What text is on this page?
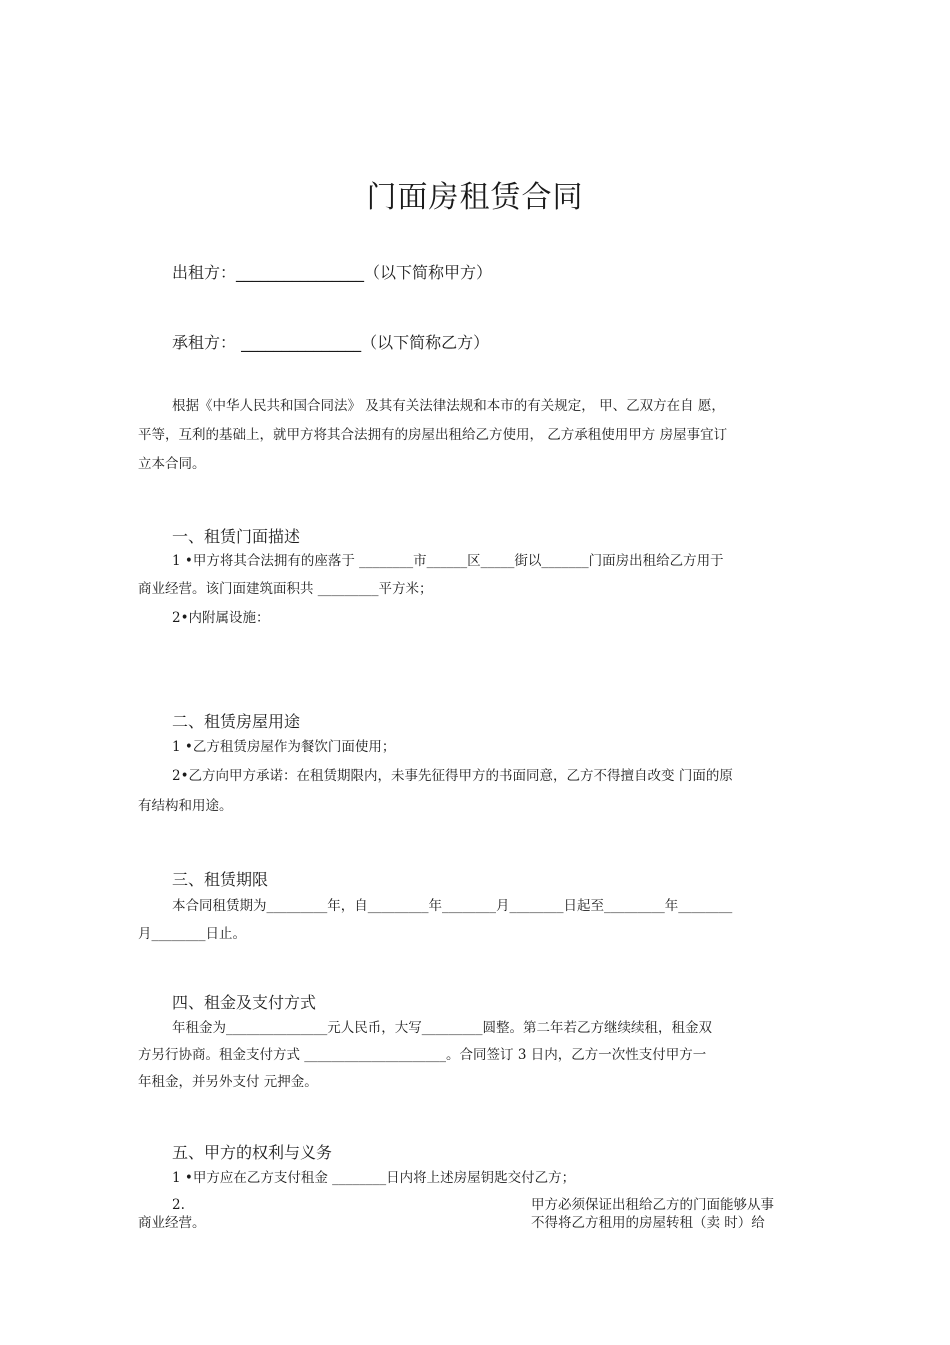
门面房租赁合同
出租方：________________（以下简称甲方）
承租方： _______________（以下简称乙方）
根据《中华人民共和国合同法》 及其有关法律法规和本市的有关规定， 甲、乙双方在自 愿，
平等，互利的基础上，就甲方将其合法拥有的房屋出租给乙方使用， 乙方承租使用甲方 房屋事宜订
立本合同。
一、租赁门面描述
1 •甲方将其合法拥有的座落于 ________市______区_____街以_______门面房出租给乙方用于
商业经营。该门面建筑面积共 _________平方米；
2•内附属设施：
二、租赁房屋用途
1 •乙方租赁房屋作为餐饮门面使用；
2•乙方向甲方承诺：在租赁期限内，未事先征得甲方的书面同意，乙方不得擅自改变 门面的原
有结构和用途。
三、租赁期限
本合同租赁期为_________年，自_________年________月________日起至_________年________
月________日止。
四、租金及支付方式
年租金为_______________元人民币，大写_________圆整。第二年若乙方继续续租，租金双
方另行协商。租金支付方式 _____________________。合同签订 3 日内，乙方一次性支付甲方一
年租金，并另外支付 元押金。
五、甲方的权利与义务
1 •甲方应在乙方支付租金 ________日内将上述房屋钥匙交付乙方；
2.	甲方必须保证出租给乙方的门面能够从事
商业经营。	不得将乙方租用的房屋转租（卖 时）给
